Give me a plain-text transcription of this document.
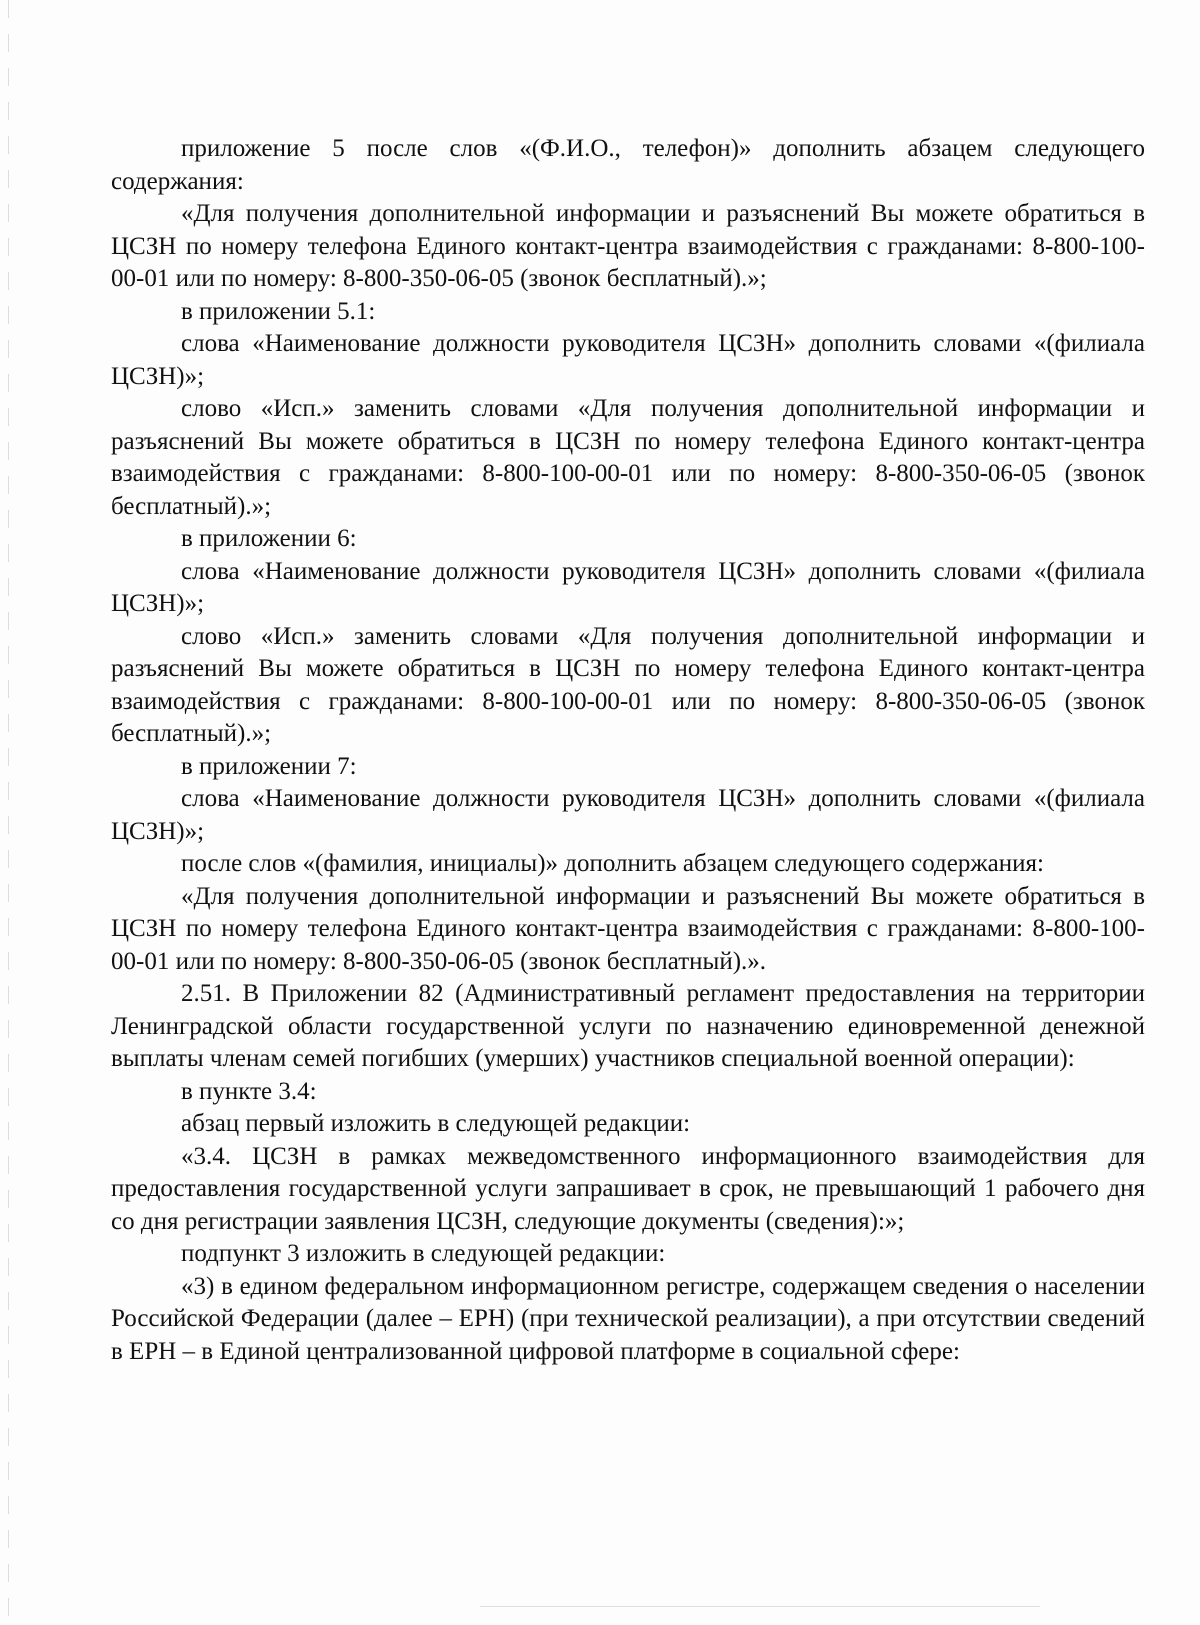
приложение 5 после слов «(Ф.И.О., телефон)» дополнить абзацем следующего содержания:

«Для получения дополнительной информации и разъяснений Вы можете обратиться в ЦСЗН по номеру телефона Единого контакт-центра взаимодействия с гражданами: 8-800-100-00-01 или по номеру: 8-800-350-06-05 (звонок бесплатный).»;

в приложении 5.1:

слова «Наименование должности руководителя ЦСЗН» дополнить словами «(филиала ЦСЗН)»;

слово «Исп.» заменить словами «Для получения дополнительной информации и разъяснений Вы можете обратиться в ЦСЗН по номеру телефона Единого контакт-центра взаимодействия с гражданами: 8-800-100-00-01 или по номеру: 8-800-350-06-05 (звонок бесплатный).»;

в приложении 6:

слова «Наименование должности руководителя ЦСЗН» дополнить словами «(филиала ЦСЗН)»;

слово «Исп.» заменить словами «Для получения дополнительной информации и разъяснений Вы можете обратиться в ЦСЗН по номеру телефона Единого контакт-центра взаимодействия с гражданами: 8-800-100-00-01 или по номеру: 8-800-350-06-05 (звонок бесплатный).»;

в приложении 7:

слова «Наименование должности руководителя ЦСЗН» дополнить словами «(филиала ЦСЗН)»;

после слов «(фамилия, инициалы)» дополнить абзацем следующего содержания:

«Для получения дополнительной информации и разъяснений Вы можете обратиться в ЦСЗН по номеру телефона Единого контакт-центра взаимодействия с гражданами: 8-800-100-00-01 или по номеру: 8-800-350-06-05 (звонок бесплатный).».

2.51. В Приложении 82 (Административный регламент предоставления на территории Ленинградской области государственной услуги по назначению единовременной денежной выплаты членам семей погибших (умерших) участников специальной военной операции):

в пункте 3.4:

абзац первый изложить в следующей редакции:

«3.4. ЦСЗН в рамках межведомственного информационного взаимодействия для предоставления государственной услуги запрашивает в срок, не превышающий 1 рабочего дня со дня регистрации заявления ЦСЗН, следующие документы (сведения):»;

подпункт 3 изложить в следующей редакции:

«3) в едином федеральном информационном регистре, содержащем сведения о населении Российской Федерации (далее – ЕРН) (при технической реализации), а при отсутствии сведений в ЕРН – в Единой централизованной цифровой платформе в социальной сфере:
